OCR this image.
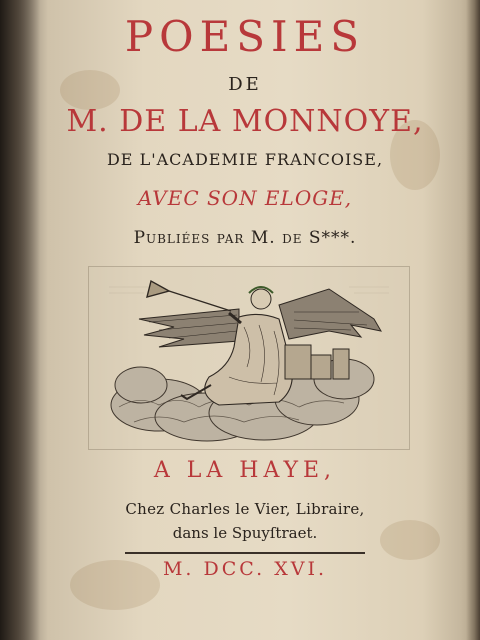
POESIES
DE
M. DE LA MONNOYE,
DE L'ACADEMIE FRANCOISE,
AVEC SON ELOGE,
Publiées par M. de S***.
A LA HAYE,
Chez Charles le Vier, Libraire,
dans le Spuyſtraet.
M. DCC. XVI.
